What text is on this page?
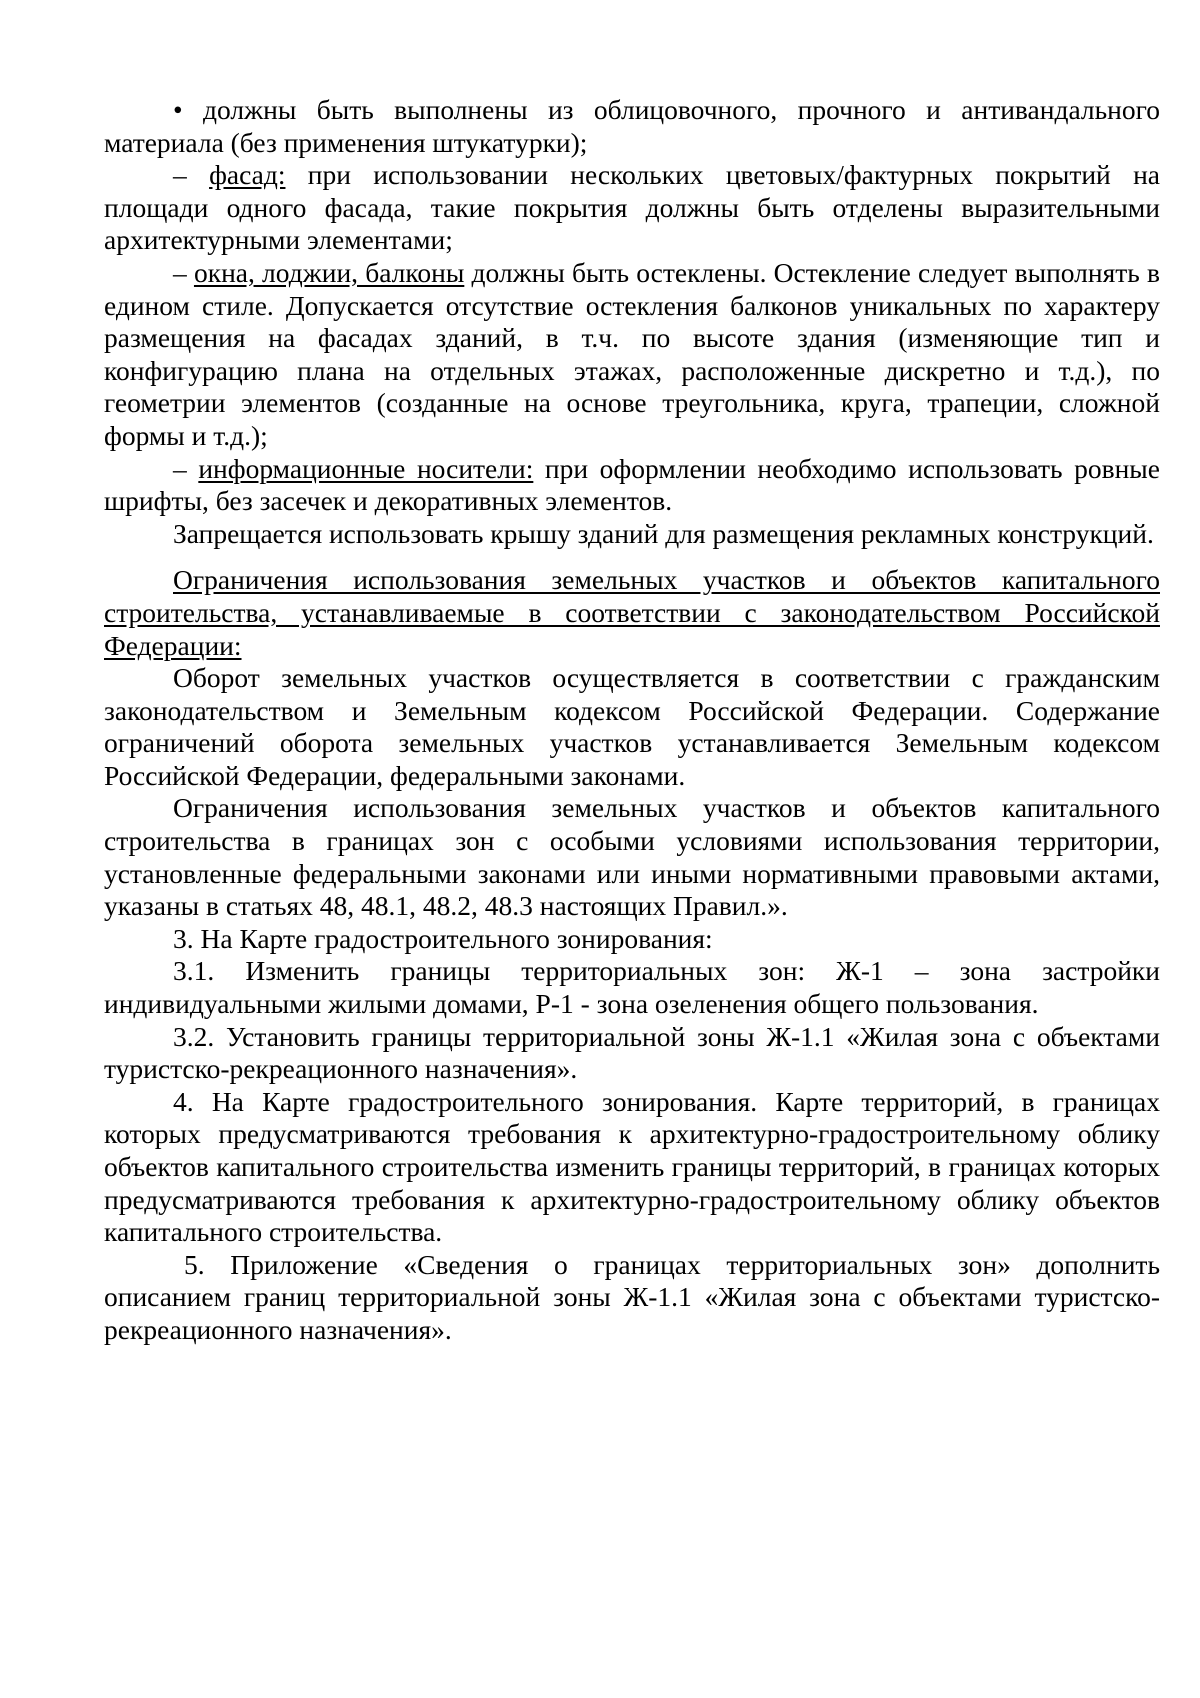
• должны быть выполнены из облицовочного, прочного и антивандального материала (без применения штукатурки);

– фасад: при использовании нескольких цветовых/фактурных покрытий на площади одного фасада, такие покрытия должны быть отделены выразительными архитектурными элементами;

– окна, лоджии, балконы должны быть остеклены. Остекление следует выполнять в едином стиле. Допускается отсутствие остекления балконов уникальных по характеру размещения на фасадах зданий, в т.ч. по высоте здания (изменяющие тип и конфигурацию плана на отдельных этажах, расположенные дискретно и т.д.), по геометрии элементов (созданные на основе треугольника, круга, трапеции, сложной формы и т.д.);

– информационные носители: при оформлении необходимо использовать ровные шрифты, без засечек и декоративных элементов.

Запрещается использовать крышу зданий для размещения рекламных конструкций.

Ограничения использования земельных участков и объектов капитального строительства, устанавливаемые в соответствии с законодательством Российской Федерации:

Оборот земельных участков осуществляется в соответствии с гражданским законодательством и Земельным кодексом Российской Федерации. Содержание ограничений оборота земельных участков устанавливается Земельным кодексом Российской Федерации, федеральными законами.

Ограничения использования земельных участков и объектов капитального строительства в границах зон с особыми условиями использования территории, установленные федеральными законами или иными нормативными правовыми актами, указаны в статьях 48, 48.1, 48.2, 48.3 настоящих Правил.».

3. На Карте градостроительного зонирования:

3.1. Изменить границы территориальных зон: Ж-1 – зона застройки индивидуальными жилыми домами, Р-1 - зона озеленения общего пользования.

3.2. Установить границы территориальной зоны Ж-1.1 «Жилая зона с объектами туристско-рекреационного назначения».

4. На Карте градостроительного зонирования. Карте территорий, в границах которых предусматриваются требования к архитектурно-градостроительному облику объектов капитального строительства изменить границы территорий, в границах которых предусматриваются требования к архитектурно-градостроительному облику объектов капитального строительства.

5. Приложение «Сведения о границах территориальных зон» дополнить описанием границ территориальной зоны Ж-1.1 «Жилая зона с объектами туристско-рекреационного назначения».
